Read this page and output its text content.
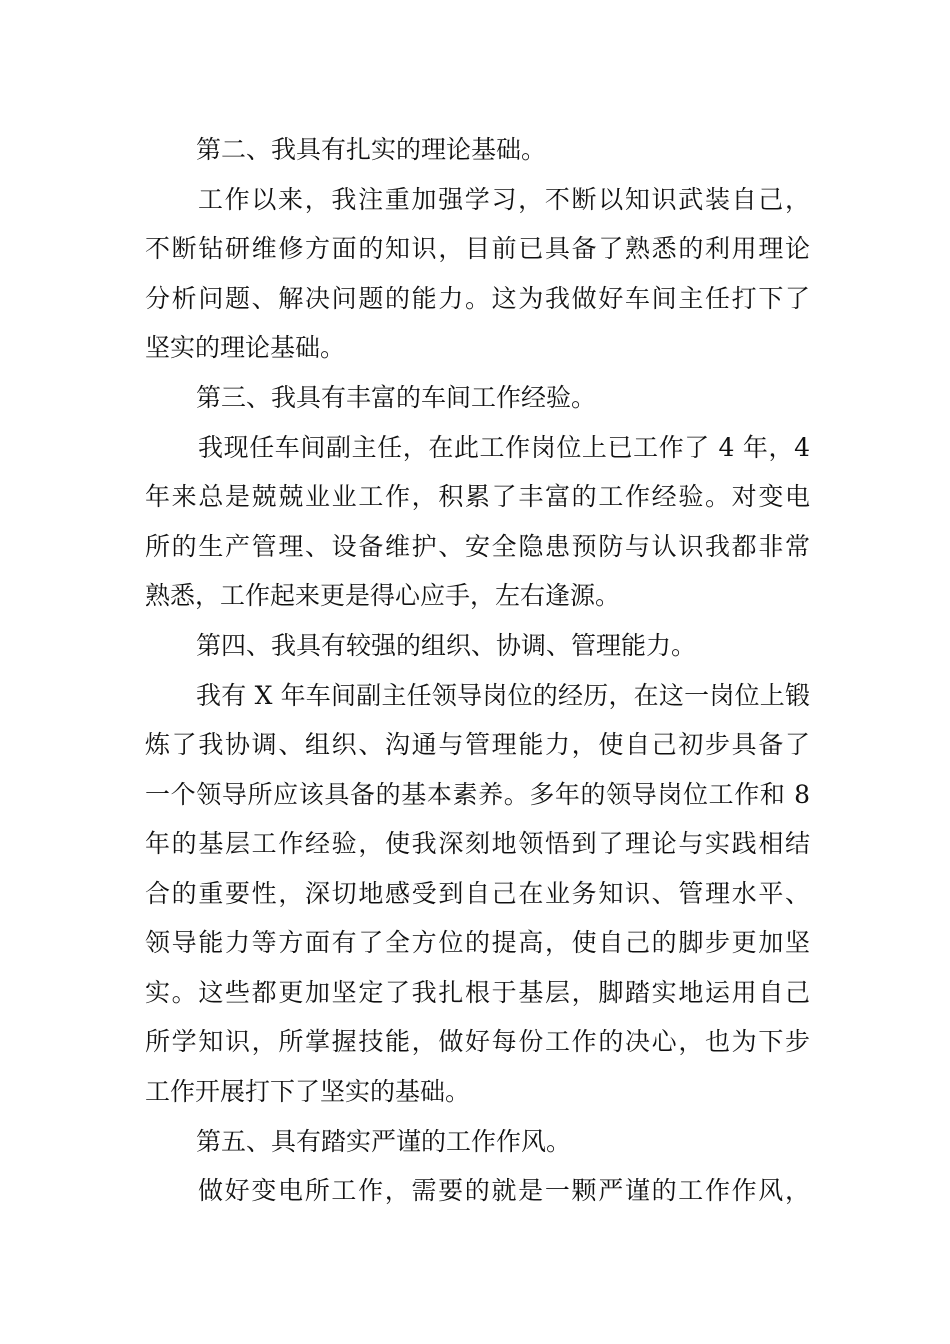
第二、我具有扎实的理论基础。
工作以来，我注重加强学习，不断以知识武装自己，
不断钻研维修方面的知识，目前已具备了熟悉的利用理论
分析问题、解决问题的能力。这为我做好车间主任打下了
坚实的理论基础。
第三、我具有丰富的车间工作经验。
我现任车间副主任，在此工作岗位上已工作了 4 年，4
年来总是兢兢业业工作，积累了丰富的工作经验。对变电
所的生产管理、设备维护、安全隐患预防与认识我都非常
熟悉，工作起来更是得心应手，左右逢源。
第四、我具有较强的组织、协调、管理能力。
我有 X 年车间副主任领导岗位的经历，在这一岗位上锻
炼了我协调、组织、沟通与管理能力，使自己初步具备了
一个领导所应该具备的基本素养。多年的领导岗位工作和 8
年的基层工作经验，使我深刻地领悟到了理论与实践相结
合的重要性，深切地感受到自己在业务知识、管理水平、
领导能力等方面有了全方位的提高，使自己的脚步更加坚
实。这些都更加坚定了我扎根于基层，脚踏实地运用自己
所学知识，所掌握技能，做好每份工作的决心，也为下步
工作开展打下了坚实的基础。
第五、具有踏实严谨的工作作风。
做好变电所工作，需要的就是一颗严谨的工作作风，
